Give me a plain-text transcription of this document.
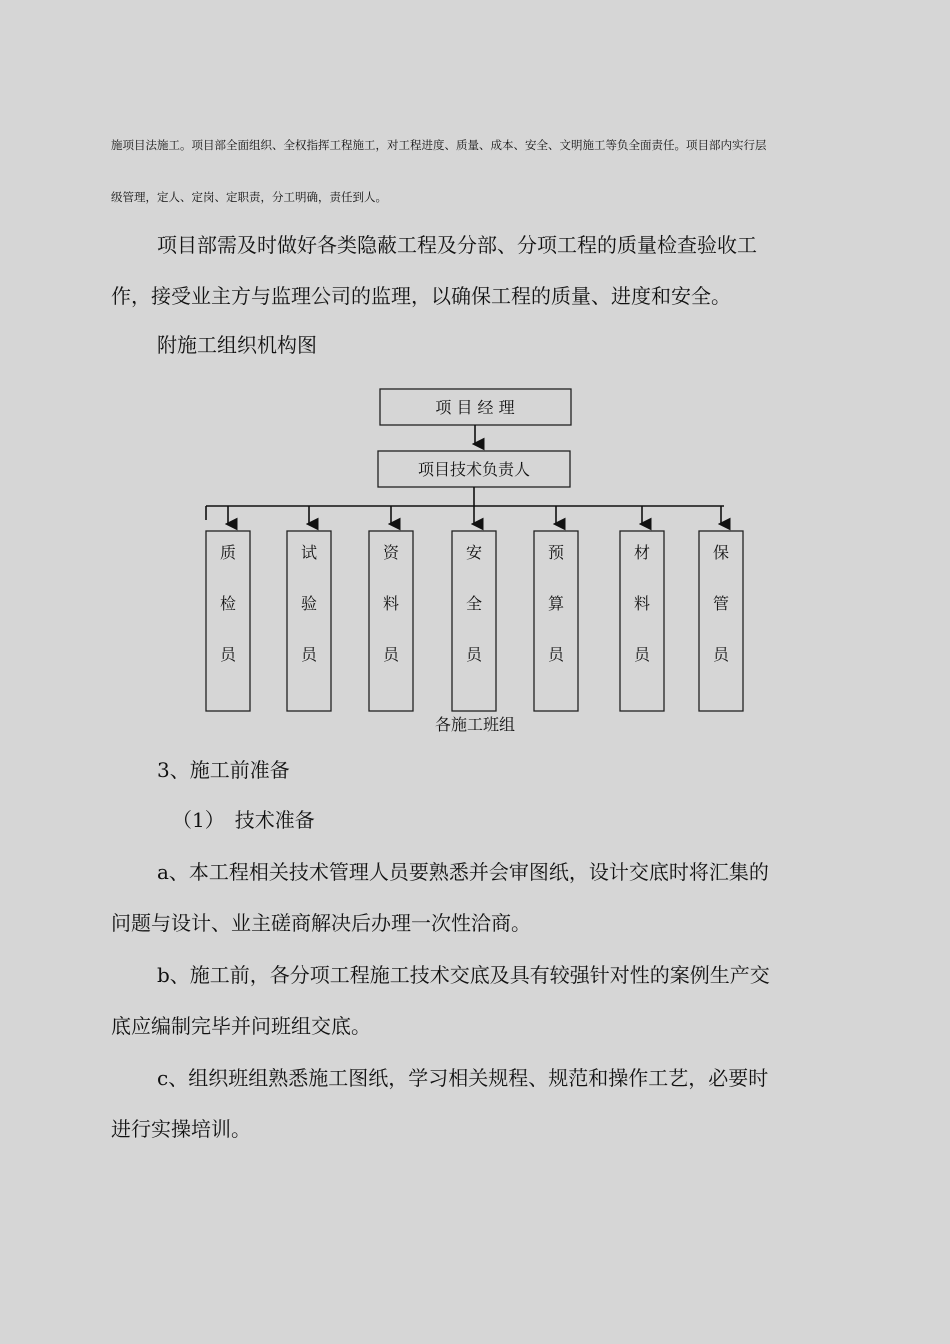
施项目法施工。项目部全面组织、全权指挥工程施工，对工程进度、质量、成本、安全、文明施工等负全面责任。项目部内实行层
级管理，定人、定岗、定职责，分工明确，责任到人。
项目部需及时做好各类隐蔽工程及分部、分项工程的质量检查验收工
作，接受业主方与监理公司的监理，以确保工程的质量、进度和安全。
附施工组织机构图
项 目 经 理
项目技术负责人
质
检
员
试
验
员
资
料
员
安
全
员
预
算
员
材
料
员
保
管
员
各施工班组
3、施工前准备
（1）　技术准备
a、本工程相关技术管理人员要熟悉并会审图纸，设计交底时将汇集的
问题与设计、业主磋商解决后办理一次性洽商。
b、施工前，各分项工程施工技术交底及具有较强针对性的案例生产交
底应编制完毕并问班组交底。
c、组织班组熟悉施工图纸，学习相关规程、规范和操作工艺，必要时
进行实操培训。
